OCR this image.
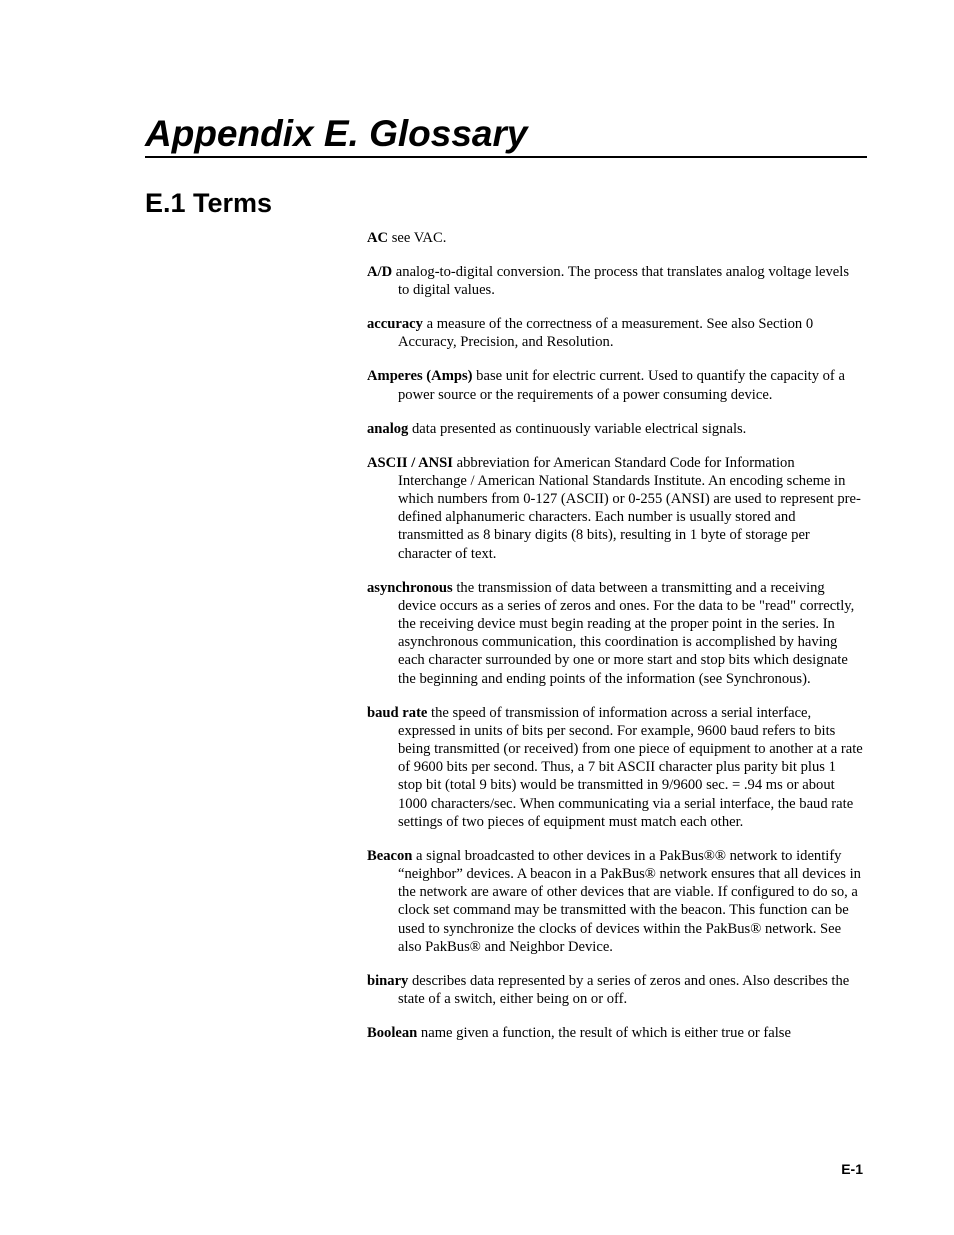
Appendix E. Glossary
E.1 Terms

AC see VAC.

A/D analog-to-digital conversion. The process that translates analog voltage levels to digital values.

accuracy a measure of the correctness of a measurement. See also Section 0 Accuracy, Precision, and Resolution.

Amperes (Amps) base unit for electric current. Used to quantify the capacity of a power source or the requirements of a power consuming device.

analog data presented as continuously variable electrical signals.

ASCII / ANSI abbreviation for American Standard Code for Information Interchange / American National Standards Institute. An encoding scheme in which numbers from 0-127 (ASCII) or 0-255 (ANSI) are used to represent pre-defined alphanumeric characters. Each number is usually stored and transmitted as 8 binary digits (8 bits), resulting in 1 byte of storage per character of text.

asynchronous the transmission of data between a transmitting and a receiving device occurs as a series of zeros and ones. For the data to be "read" correctly, the receiving device must begin reading at the proper point in the series. In asynchronous communication, this coordination is accomplished by having each character surrounded by one or more start and stop bits which designate the beginning and ending points of the information (see Synchronous).

baud rate the speed of transmission of information across a serial interface, expressed in units of bits per second. For example, 9600 baud refers to bits being transmitted (or received) from one piece of equipment to another at a rate of 9600 bits per second. Thus, a 7 bit ASCII character plus parity bit plus 1 stop bit (total 9 bits) would be transmitted in 9/9600 sec. = .94 ms or about 1000 characters/sec. When communicating via a serial interface, the baud rate settings of two pieces of equipment must match each other.

Beacon a signal broadcasted to other devices in a PakBus®® network to identify “neighbor” devices. A beacon in a PakBus® network ensures that all devices in the network are aware of other devices that are viable. If configured to do so, a clock set command may be transmitted with the beacon. This function can be used to synchronize the clocks of devices within the PakBus® network. See also PakBus® and Neighbor Device.

binary describes data represented by a series of zeros and ones. Also describes the state of a switch, either being on or off.

Boolean name given a function, the result of which is either true or false

E-1
